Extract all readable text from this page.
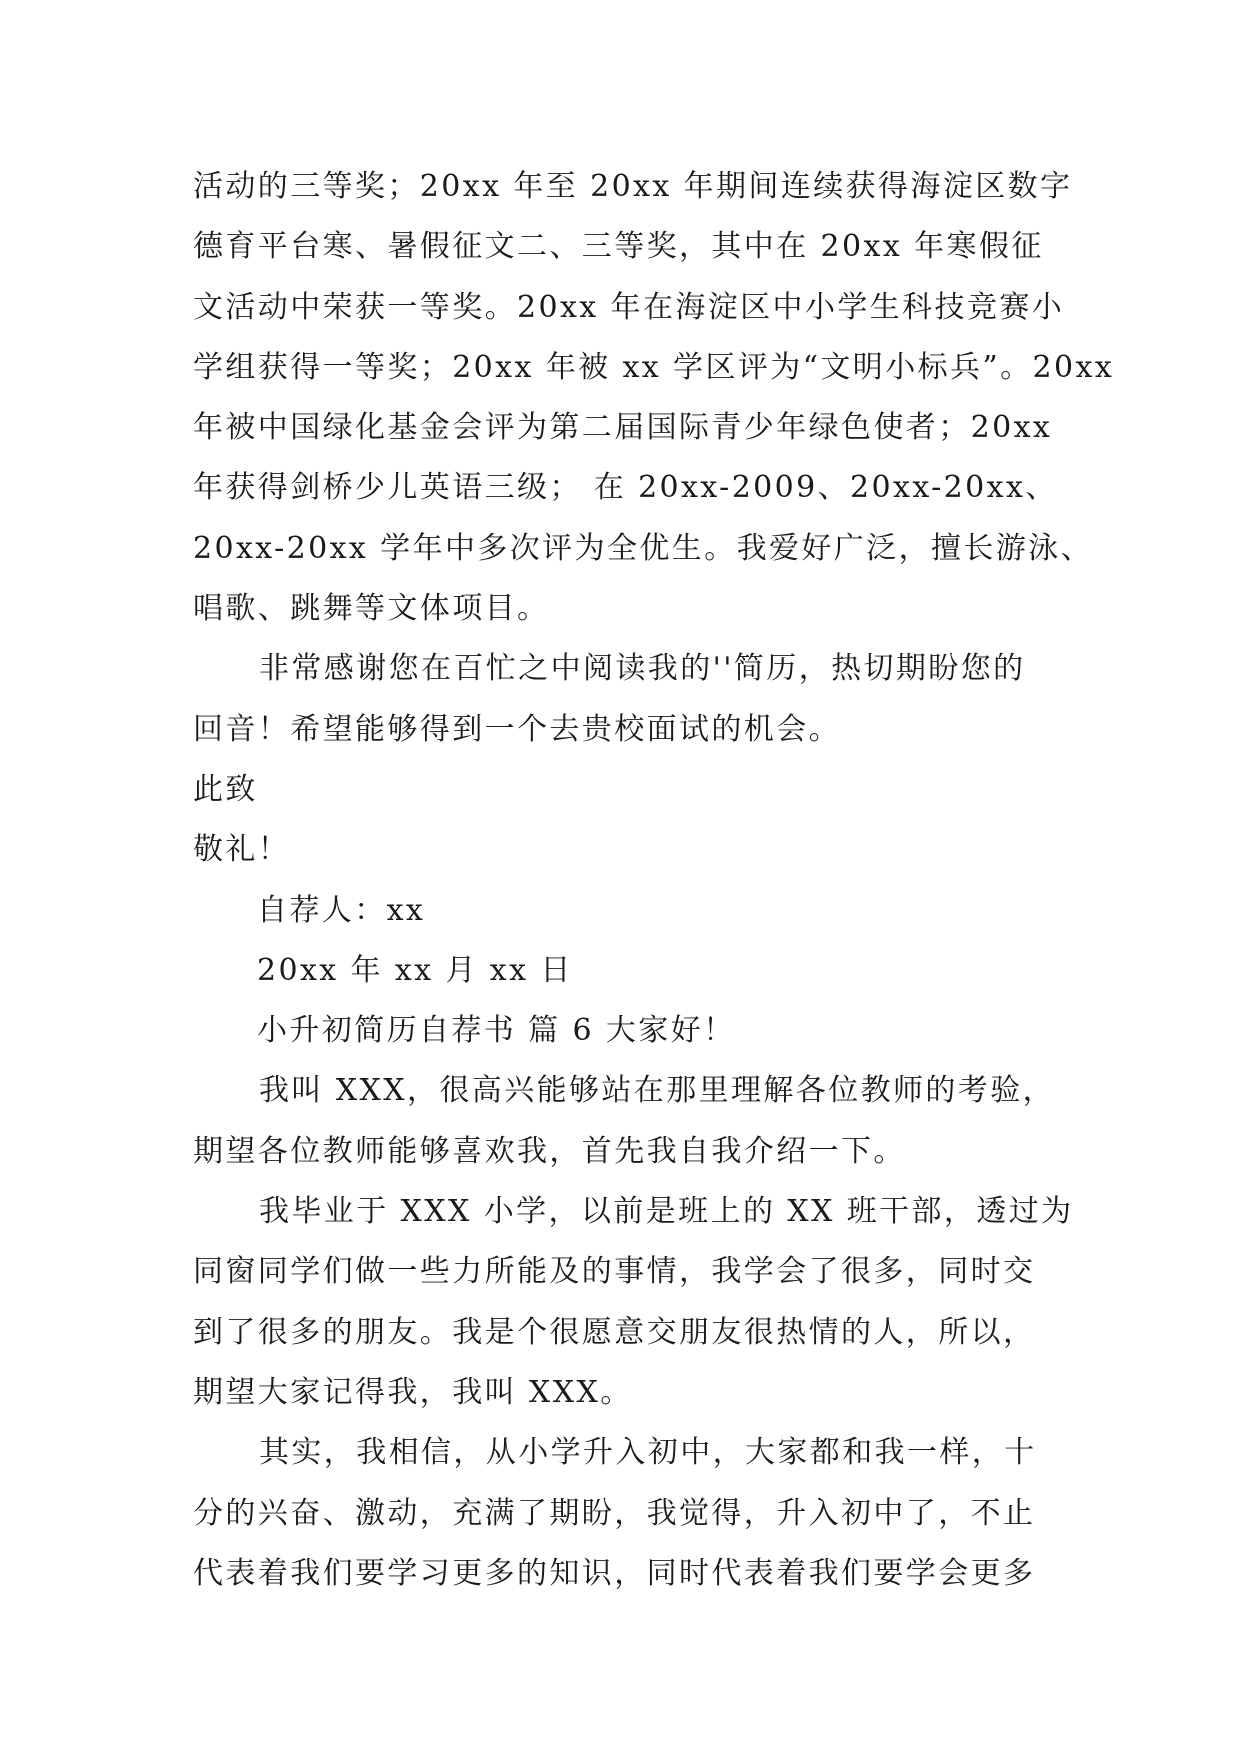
活动的三等奖；20xx 年至 20xx 年期间连续获得海淀区数字
德育平台寒、暑假征文二、三等奖，其中在 20xx 年寒假征
文活动中荣获一等奖。20xx 年在海淀区中小学生科技竞赛小
学组获得一等奖；20xx 年被 xx 学区评为“文明小标兵”。20xx
年被中国绿化基金会评为第二届国际青少年绿色使者；20xx
年获得剑桥少儿英语三级； 在 20xx-2009、20xx-20xx、
20xx-20xx 学年中多次评为全优生。我爱好广泛，擅长游泳、
唱歌、跳舞等文体项目。
非常感谢您在百忙之中阅读我的''简历，热切期盼您的
回音！希望能够得到一个去贵校面试的机会。
此致
敬礼！
自荐人：xx
20xx 年 xx 月 xx 日
小升初简历自荐书 篇 6 大家好！
我叫 XXX，很高兴能够站在那里理解各位教师的考验，
期望各位教师能够喜欢我，首先我自我介绍一下。
我毕业于 XXX 小学，以前是班上的 XX 班干部，透过为
同窗同学们做一些力所能及的事情，我学会了很多，同时交
到了很多的朋友。我是个很愿意交朋友很热情的人，所以，
期望大家记得我，我叫 XXX。
其实，我相信，从小学升入初中，大家都和我一样，十
分的兴奋、激动，充满了期盼，我觉得，升入初中了，不止
代表着我们要学习更多的知识，同时代表着我们要学会更多
